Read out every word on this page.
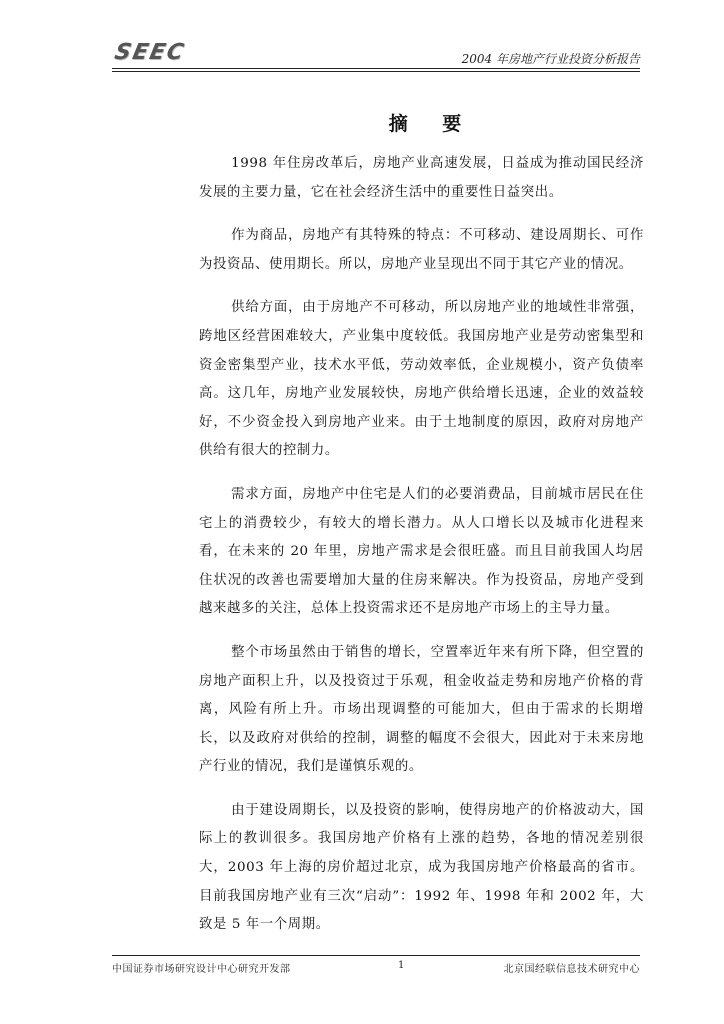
SEEC	2004 年房地产行业投资分析报告
摘 要

1998 年住房改革后，房地产业高速发展，日益成为推动国民经济发展的主要力量，它在社会经济生活中的重要性日益突出。

作为商品，房地产有其特殊的特点：不可移动、建设周期长、可作为投资品、使用期长。所以，房地产业呈现出不同于其它产业的情况。

供给方面，由于房地产不可移动，所以房地产业的地域性非常强，跨地区经营困难较大，产业集中度较低。我国房地产业是劳动密集型和资金密集型产业，技术水平低，劳动效率低，企业规模小，资产负债率高。这几年，房地产业发展较快，房地产供给增长迅速，企业的效益较好，不少资金投入到房地产业来。由于土地制度的原因，政府对房地产供给有很大的控制力。

需求方面，房地产中住宅是人们的必要消费品，目前城市居民在住宅上的消费较少，有较大的增长潜力。从人口增长以及城市化进程来看，在未来的 20 年里，房地产需求是会很旺盛。而且目前我国人均居住状况的改善也需要增加大量的住房来解决。作为投资品，房地产受到越来越多的关注，总体上投资需求还不是房地产市场上的主导力量。

整个市场虽然由于销售的增长，空置率近年来有所下降，但空置的房地产面积上升，以及投资过于乐观，租金收益走势和房地产价格的背离，风险有所上升。市场出现调整的可能加大，但由于需求的长期增长，以及政府对供给的控制，调整的幅度不会很大，因此对于未来房地产行业的情况，我们是谨慎乐观的。

由于建设周期长，以及投资的影响，使得房地产的价格波动大，国际上的教训很多。我国房地产价格有上涨的趋势，各地的情况差别很大，2003 年上海的房价超过北京，成为我国房地产价格最高的省市。目前我国房地产业有三次“启动”：1992 年、1998 年和 2002 年，大致是 5 年一个周期。

中国证券市场研究设计中心研究开发部	1	北京国经联信息技术研究中心
